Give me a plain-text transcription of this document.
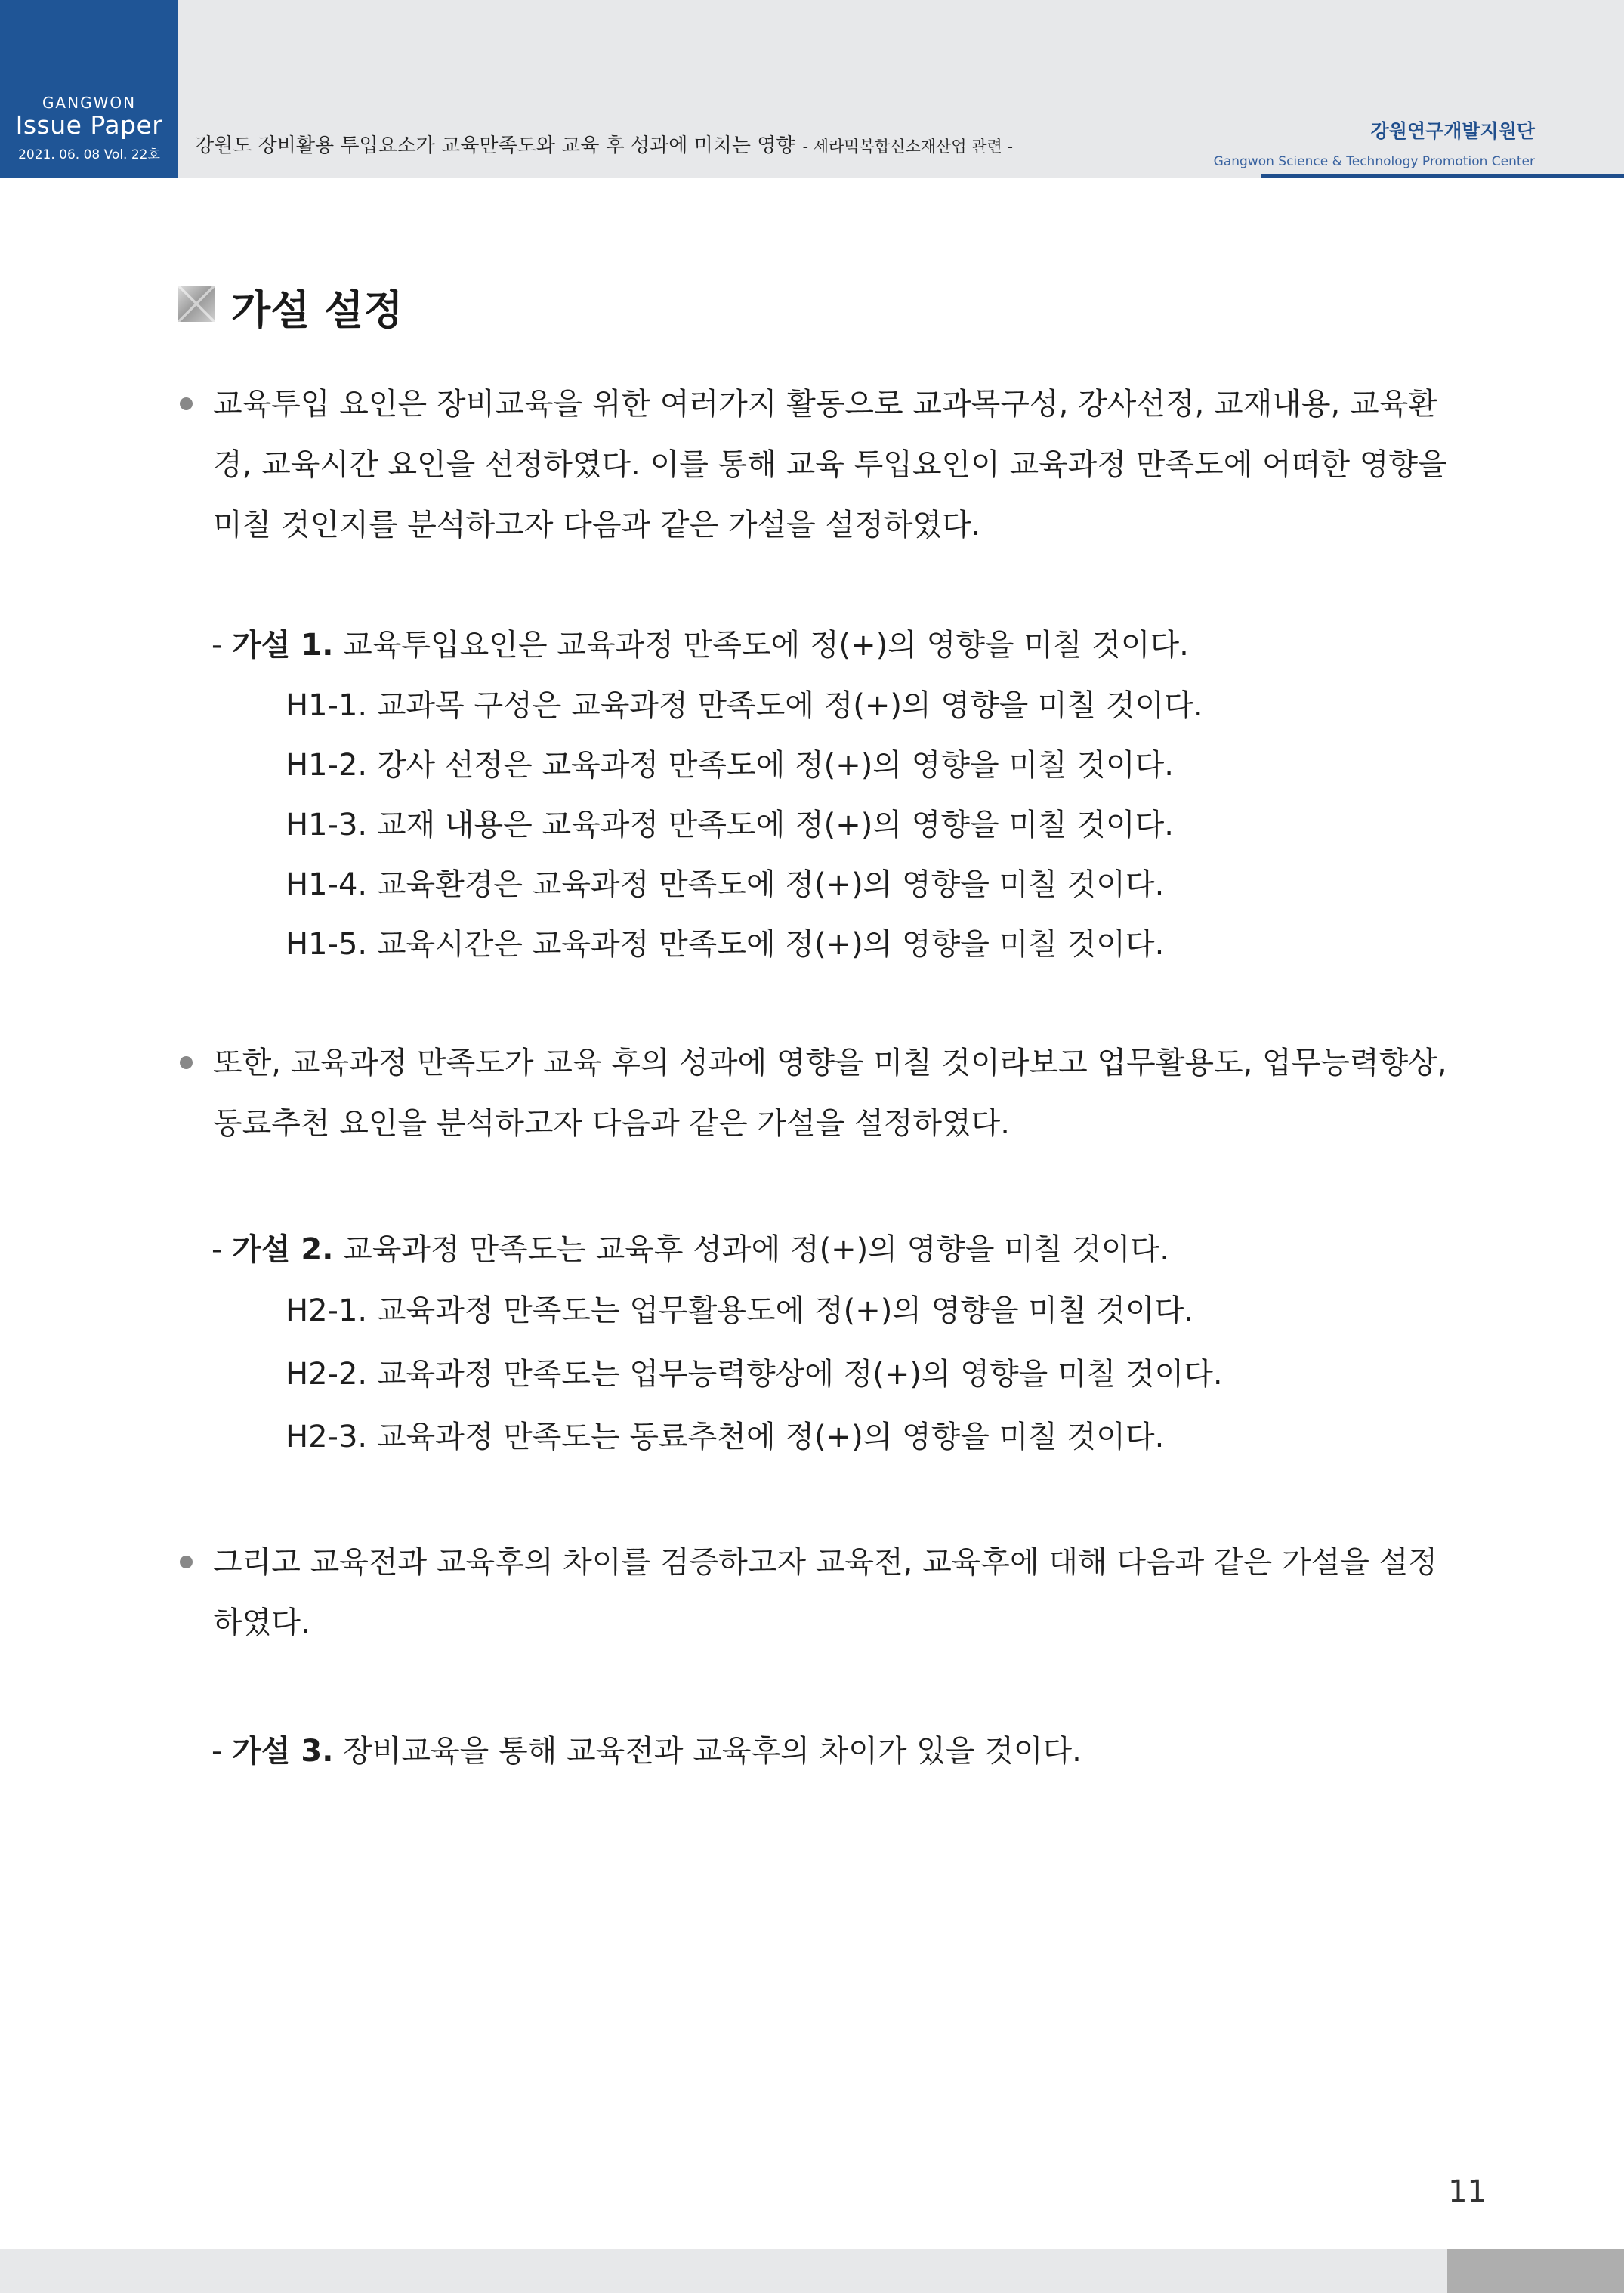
GANGWON
Issue Paper
2021. 06. 08 Vol. 22호	강원도 장비활용 투입요소가 교육만족도와 교육 후 성과에 미치는 영향 - 세라믹복합신소재산업 관련 -
강원연구개발지원단
Gangwon Science & Technology Promotion Center
가설 설정
교육투입 요인은 장비교육을 위한 여러가지 활동으로 교과목구성, 강사선정, 교재내용, 교육환경, 교육시간 요인을 선정하였다. 이를 통해 교육 투입요인이 교육과정 만족도에 어떠한 영향을 미칠 것인지를 분석하고자 다음과 같은 가설을 설정하였다.
- 가설 1. 교육투입요인은 교육과정 만족도에 정(+)의 영향을 미칠 것이다.
H1-1. 교과목 구성은 교육과정 만족도에 정(+)의 영향을 미칠 것이다.
H1-2. 강사 선정은 교육과정 만족도에 정(+)의 영향을 미칠 것이다.
H1-3. 교재 내용은 교육과정 만족도에 정(+)의 영향을 미칠 것이다.
H1-4. 교육환경은 교육과정 만족도에 정(+)의 영향을 미칠 것이다.
H1-5. 교육시간은 교육과정 만족도에 정(+)의 영향을 미칠 것이다.
또한, 교육과정 만족도가 교육 후의 성과에 영향을 미칠 것이라보고 업무활용도, 업무능력향상, 동료추천 요인을 분석하고자 다음과 같은 가설을 설정하였다.
- 가설 2. 교육과정 만족도는 교육후 성과에 정(+)의 영향을 미칠 것이다.
H2-1. 교육과정 만족도는 업무활용도에 정(+)의 영향을 미칠 것이다.
H2-2. 교육과정 만족도는 업무능력향상에 정(+)의 영향을 미칠 것이다.
H2-3. 교육과정 만족도는 동료추천에 정(+)의 영향을 미칠 것이다.
그리고 교육전과 교육후의 차이를 검증하고자 교육전, 교육후에 대해 다음과 같은 가설을 설정하였다.
- 가설 3. 장비교육을 통해 교육전과 교육후의 차이가 있을 것이다.
11
